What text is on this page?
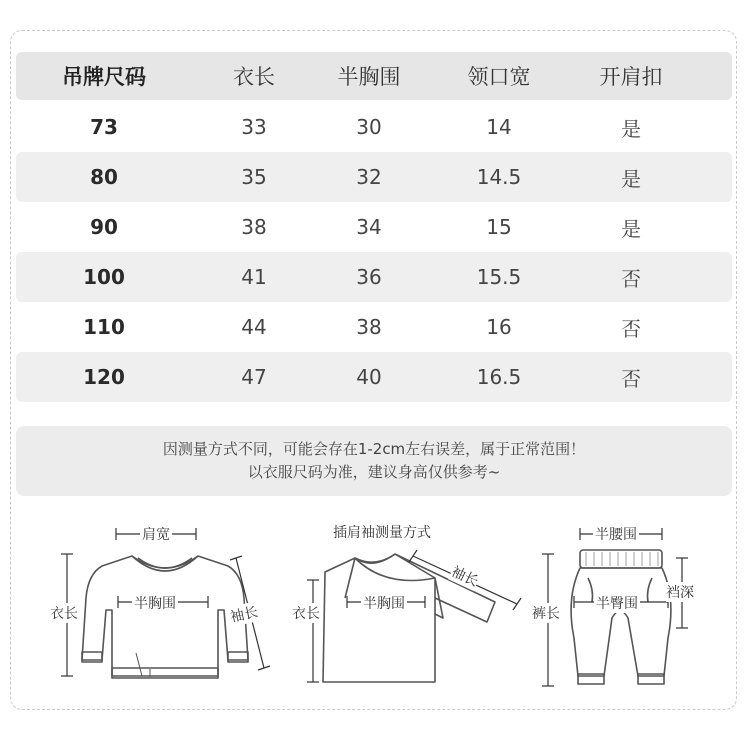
吊牌尺码	衣长	半胸围	领口宽	开肩扣
73	33	30	14	是
80	35	32	14.5	是
90	38	34	15	是
100	41	36	15.5	否
110	44	38	16	否
120	47	40	16.5	否
因测量方式不同，可能会存在1-2cm左右误差，属于正常范围！
以衣服尺码为准，建议身高仅供参考~
肩宽
衣长
半胸围
袖长
插肩袖测量方式
衣长
半胸围
袖长
半腰围
裤长
半臀围
裆深
